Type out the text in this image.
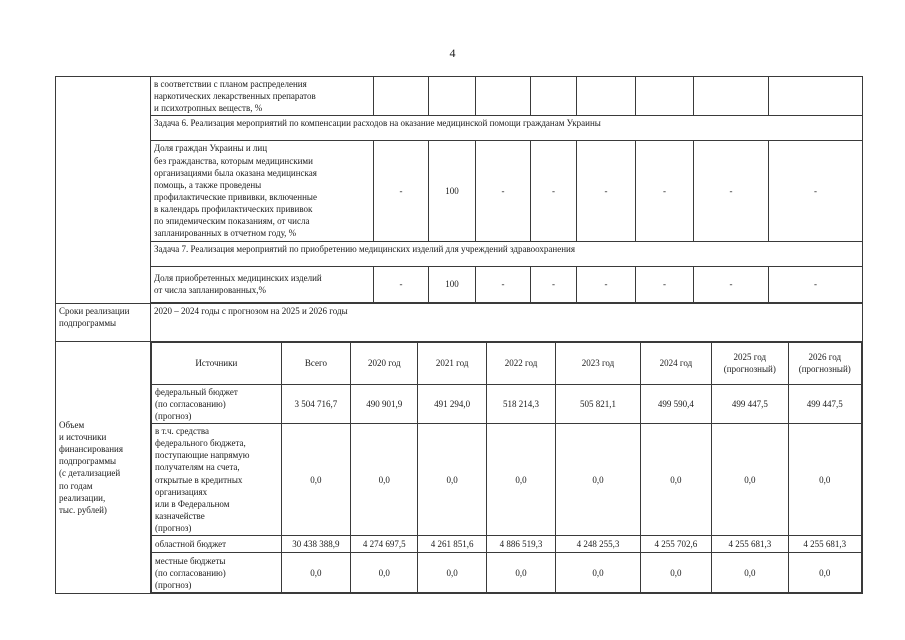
4

в соответствии с планом распределения
наркотических лекарственных препаратов
и психотропных веществ, %

Задача 6. Реализация мероприятий по компенсации расходов на оказание медицинской помощи гражданам Украины

Доля граждан Украины и лиц
без гражданства, которым медицинскими
организациями была оказана медицинская
помощь, а также проведены
профилактические прививки, включенные
в календарь профилактических прививок
по эпидемическим показаниям, от числа
запланированных в отчетном году, %
	-	100	-	-	-	-	-	-
Задача 7. Реализация мероприятий по приобретению медицинских изделий для учреждений здравоохранения

Доля приобретенных медицинских изделий
от числа запланированных,%
	-	100	-	-	-	-	-	-

Сроки реализации
подпрограммы
	2020 – 2024 годы с прогнозом на 2025 и 2026 годы

Объем
и источники
финансирования
подпрограммы
(с детализацией
по годам
реализации,
тыс. рублей)

Источники	Всего	2020 год	2021 год	2022 год	2023 год	2024 год	2025 год (прогнозный)	2026 год (прогнозный)

федеральный бюджет
(по согласованию)
(прогноз)
	3 504 716,7	490 901,9	491 294,0	518 214,3	505 821,1	499 590,4	499 447,5	499 447,5

в т.ч. средства
федерального бюджета,
поступающие напрямую
получателям на счета,
открытые в кредитных
организациях
или в Федеральном
казначействе
(прогноз)
	0,0	0,0	0,0	0,0	0,0	0,0	0,0	0,0

областной бюджет	30 438 388,9	4 274 697,5	4 261 851,6	4 886 519,3	4 248 255,3	4 255 702,6	4 255 681,3	4 255 681,3

местные бюджеты
(по согласованию)
(прогноз)
	0,0	0,0	0,0	0,0	0,0	0,0	0,0	0,0
